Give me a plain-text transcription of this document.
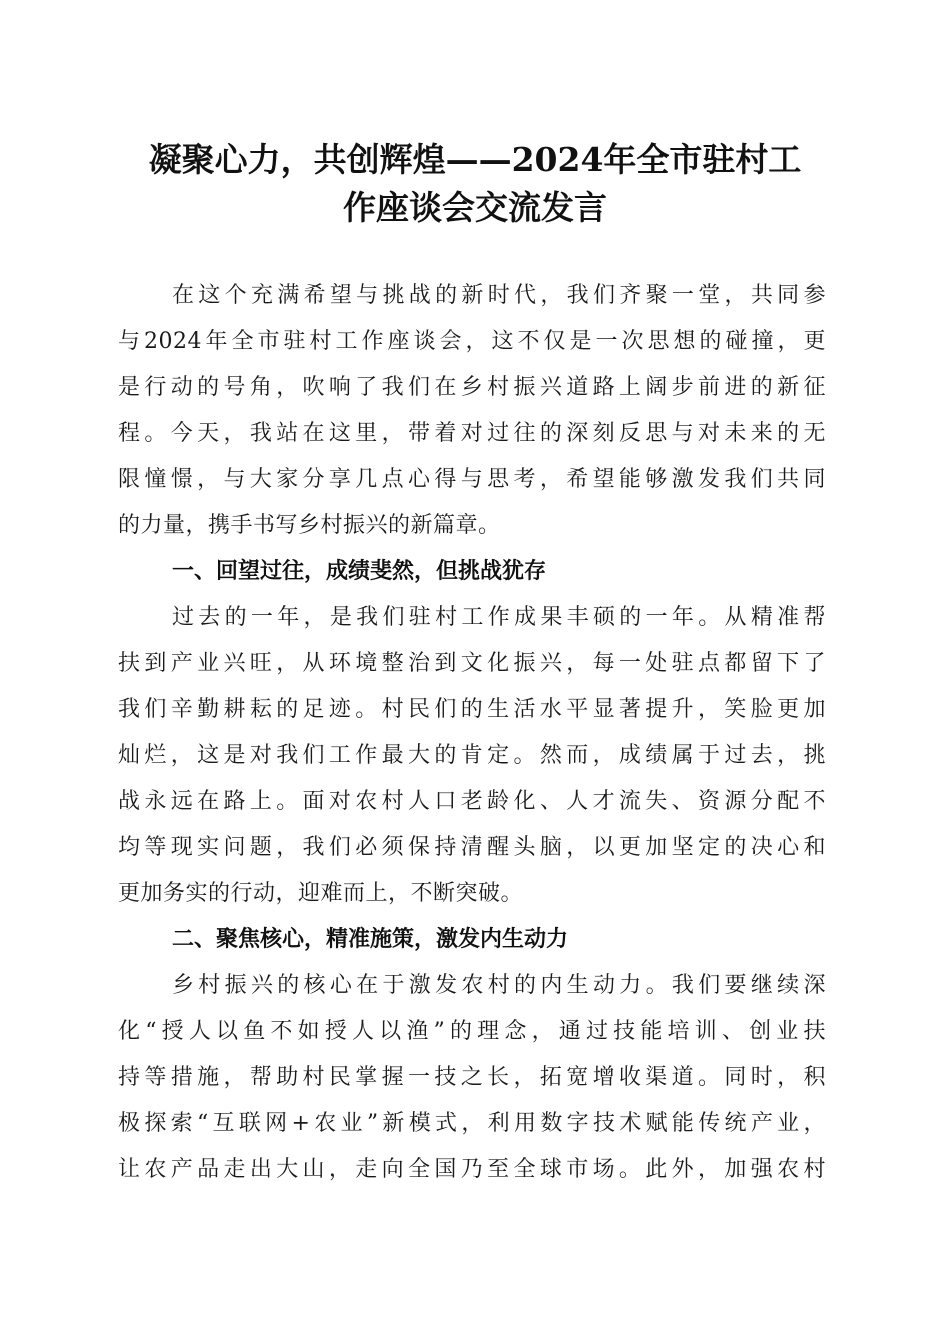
凝聚心力，共创辉煌——2024年全市驻村工
作座谈会交流发言
在这个充满希望与挑战的新时代，我们齐聚一堂，共同参
与2024年全市驻村工作座谈会，这不仅是一次思想的碰撞，更
是行动的号角，吹响了我们在乡村振兴道路上阔步前进的新征
程。今天，我站在这里，带着对过往的深刻反思与对未来的无
限憧憬，与大家分享几点心得与思考，希望能够激发我们共同
的力量，携手书写乡村振兴的新篇章。
一、回望过往，成绩斐然，但挑战犹存
过去的一年，是我们驻村工作成果丰硕的一年。从精准帮
扶到产业兴旺，从环境整治到文化振兴，每一处驻点都留下了
我们辛勤耕耘的足迹。村民们的生活水平显著提升，笑脸更加
灿烂，这是对我们工作最大的肯定。然而，成绩属于过去，挑
战永远在路上。面对农村人口老龄化、人才流失、资源分配不
均等现实问题，我们必须保持清醒头脑，以更加坚定的决心和
更加务实的行动，迎难而上，不断突破。
二、聚焦核心，精准施策，激发内生动力
乡村振兴的核心在于激发农村的内生动力。我们要继续深
化“授人以鱼不如授人以渔”的理念，通过技能培训、创业扶
持等措施，帮助村民掌握一技之长，拓宽增收渠道。同时，积
极探索“互联网+农业”新模式，利用数字技术赋能传统产业，
让农产品走出大山，走向全国乃至全球市场。此外，加强农村
